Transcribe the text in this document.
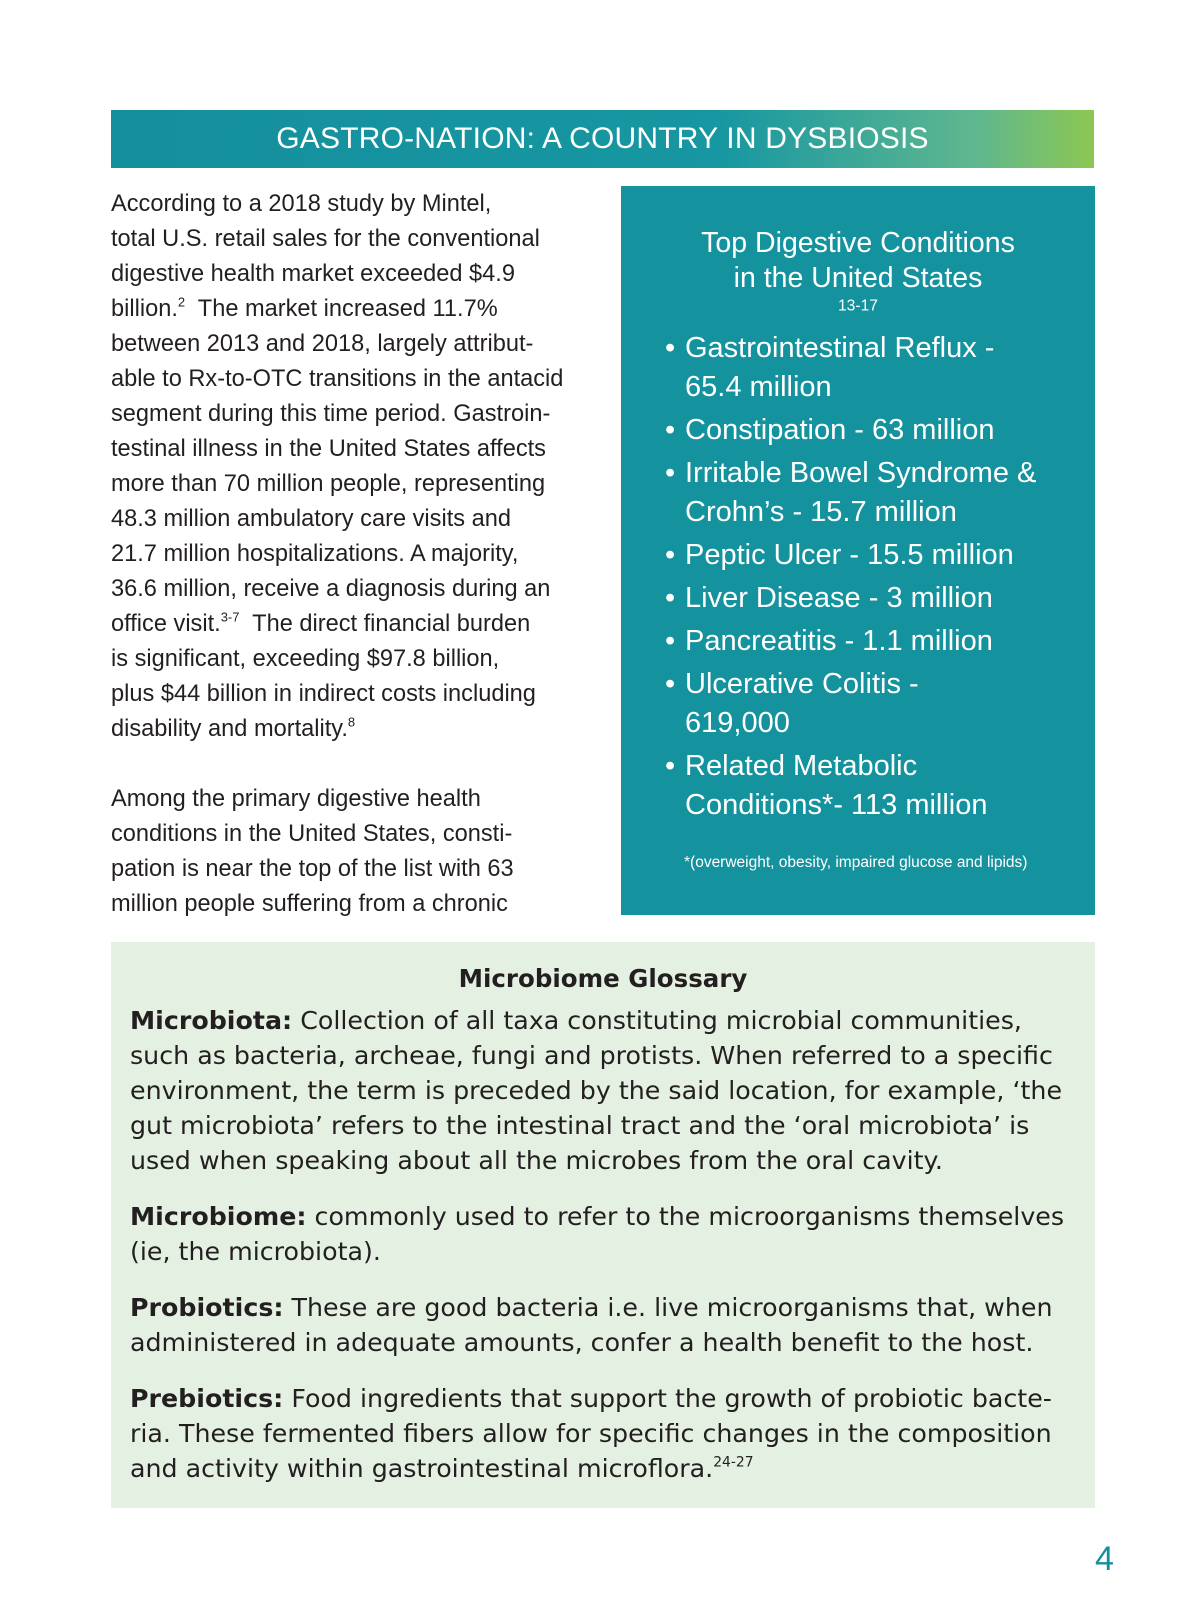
GASTRO-NATION: A COUNTRY IN DYSBIOSIS

According to a 2018 study by Mintel,
total U.S. retail sales for the conventional
digestive health market exceeded $4.9
billion.$^2$ The market increased 11.7%
between 2013 and 2018, largely attribut-
able to Rx-to-OTC transitions in the antacid
segment during this time period. Gastroin-
testinal illness in the United States affects
more than 70 million people, representing
48.3 million ambulatory care visits and
21.7 million hospitalizations. A majority,
36.6 million, receive a diagnosis during an
office visit.$^{3-7}$ The direct financial burden
is significant, exceeding $97.8 billion,
plus $44 billion in indirect costs including
disability and mortality.$^8$

Among the primary digestive health
conditions in the United States, consti-
pation is near the top of the list with 63
million people suffering from a chronic

Top Digestive Conditions
in the United States
$^{13-17}$
• Gastrointestinal Reflux -
65.4 million
• Constipation - 63 million
• Irritable Bowel Syndrome &
Crohn’s - 15.7 million
• Peptic Ulcer - 15.5 million
• Liver Disease - 3 million
• Pancreatitis - 1.1 million
• Ulcerative Colitis -
619,000
• Related Metabolic
Conditions*- 113 million
*(overweight, obesity, impaired glucose and lipids)
Microbiome Glossary

Microbiota: Collection of all taxa constituting microbial communities,
such as bacteria, archeae, fungi and protists. When referred to a specific
environment, the term is preceded by the said location, for example, ‘the
gut microbiota’ refers to the intestinal tract and the ‘oral microbiota’ is
used when speaking about all the microbes from the oral cavity.

Microbiome: commonly used to refer to the microorganisms themselves
(ie, the microbiota).

Probiotics: These are good bacteria i.e. live microorganisms that, when
administered in adequate amounts, confer a health benefit to the host.

Prebiotics: Food ingredients that support the growth of probiotic bacte-
ria. These fermented fibers allow for specific changes in the composition
and activity within gastrointestinal microflora.$^{24-27}$

4
